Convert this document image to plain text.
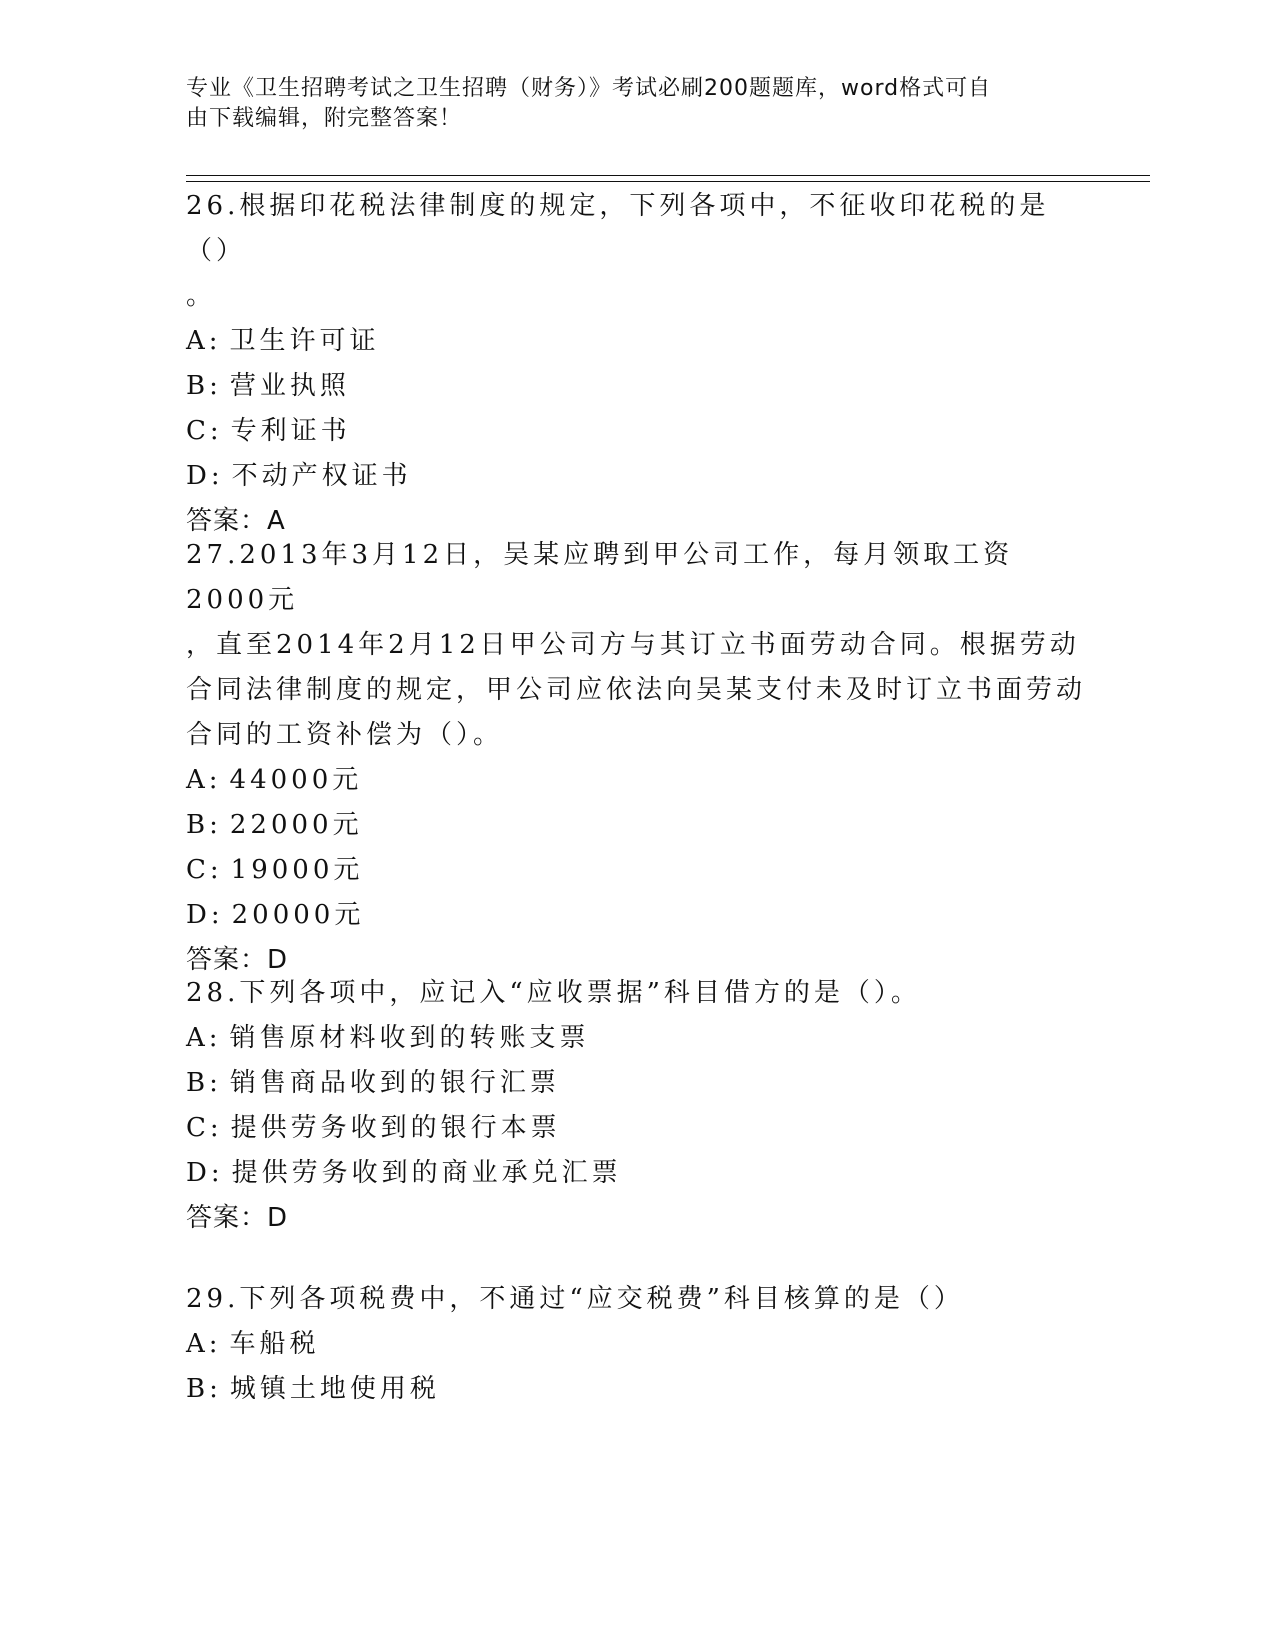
专业《卫生招聘考试之卫生招聘（财务）》考试必刷200题题库，word格式可自
由下载编辑，附完整答案！
26.根据印花税法律制度的规定，下列各项中，不征收印花税的是（）
。
A: 卫生许可证
B: 营业执照
C: 专利证书
D: 不动产权证书
答案：A
27.2013年3月12日，吴某应聘到甲公司工作，每月领取工资2000元
，直至2014年2月12日甲公司方与其订立书面劳动合同。根据劳动
合同法律制度的规定，甲公司应依法向吴某支付未及时订立书面劳动
合同的工资补偿为（）。
A: 44000元
B: 22000元
C: 19000元
D: 20000元
答案：D
28.下列各项中，应记入“应收票据”科目借方的是（）。
A: 销售原材料收到的转账支票
B: 销售商品收到的银行汇票
C: 提供劳务收到的银行本票
D: 提供劳务收到的商业承兑汇票
答案：D
29.下列各项税费中，不通过“应交税费”科目核算的是（）
A: 车船税
B: 城镇土地使用税
